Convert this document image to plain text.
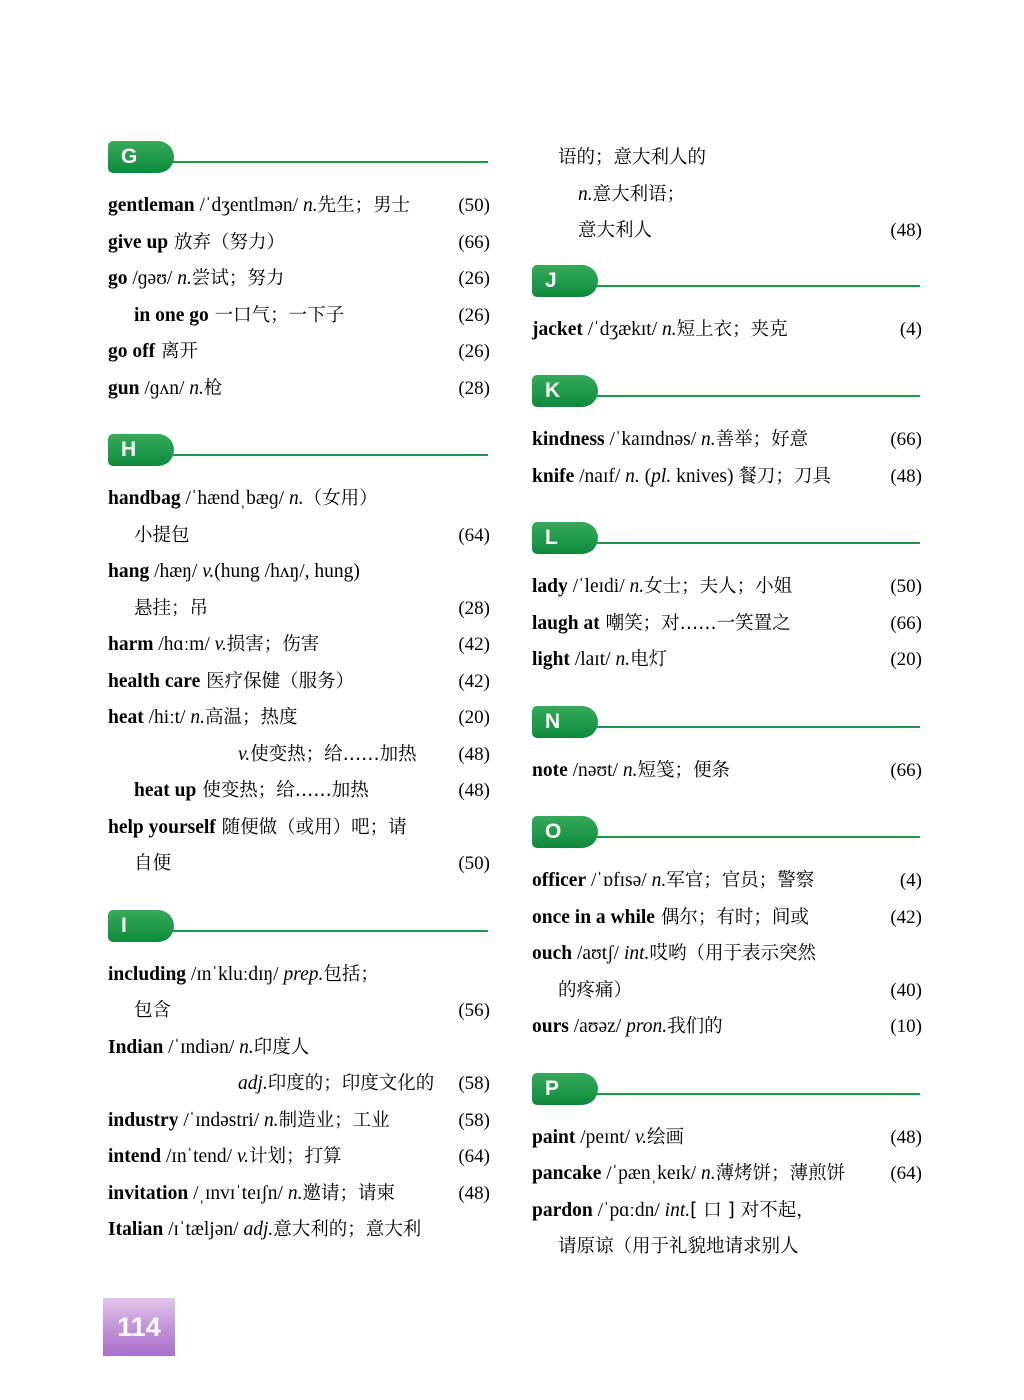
G
gentleman /ˈdʒentlmən/ n.先生；男士	(50)
give up 放弃（努力）	(66)
go /ɡəʊ/ n.尝试；努力	(26)
in one go 一口气；一下子	(26)
go off 离开	(26)
gun /ɡʌn/ n.枪	(28)
H
handbag /ˈhændˌbæɡ/ n.（女用）
小提包	(64)
hang /hæŋ/ v.(hung /hʌŋ/, hung)
悬挂；吊	(28)
harm /hɑːm/ v.损害；伤害	(42)
health care 医疗保健（服务）	(42)
heat /hiːt/ n.高温；热度	(20)
v.使变热；给……加热 (48)
heat up 使变热；给……加热	(48)
help yourself 随便做（或用）吧；请
自便	(50)
I
including /ɪnˈkluːdɪŋ/ prep.包括；
包含	(56)
Indian /ˈɪndiən/ n.印度人
adj.印度的；印度文化的 (58)
industry /ˈɪndəstri/ n.制造业；工业	(58)
intend /ɪnˈtend/ v.计划；打算	(64)
invitation /ˌɪnvɪˈteɪʃn/ n.邀请；请柬	(48)
Italian /ɪˈtæljən/ adj.意大利的；意大利
语的；意大利人的
n.意大利语；
意大利人	(48)
J
jacket /ˈdʒækɪt/ n.短上衣；夹克	(4)
K
kindness /ˈkaɪndnəs/ n.善举；好意	(66)
knife /naɪf/ n. (pl. knives) 餐刀；刀具	(48)
L
lady /ˈleɪdi/ n.女士；夫人；小姐	(50)
laugh at 嘲笑；对……一笑置之	(66)
light /laɪt/ n.电灯	(20)
N
note /nəʊt/ n.短笺；便条	(66)
O
officer /ˈɒfɪsə/ n.军官；官员；警察	(4)
once in a while 偶尔；有时；间或	(42)
ouch /aʊtʃ/ int.哎哟（用于表示突然
的疼痛）	(40)
ours /aʊəz/ pron.我们的	(10)
P
paint /peɪnt/ v.绘画	(48)
pancake /ˈpænˌkeɪk/ n.薄烤饼；薄煎饼 (64)
pardon /ˈpɑːdn/ int.[ 口 ] 对不起，
请原谅（用于礼貌地请求别人
114
